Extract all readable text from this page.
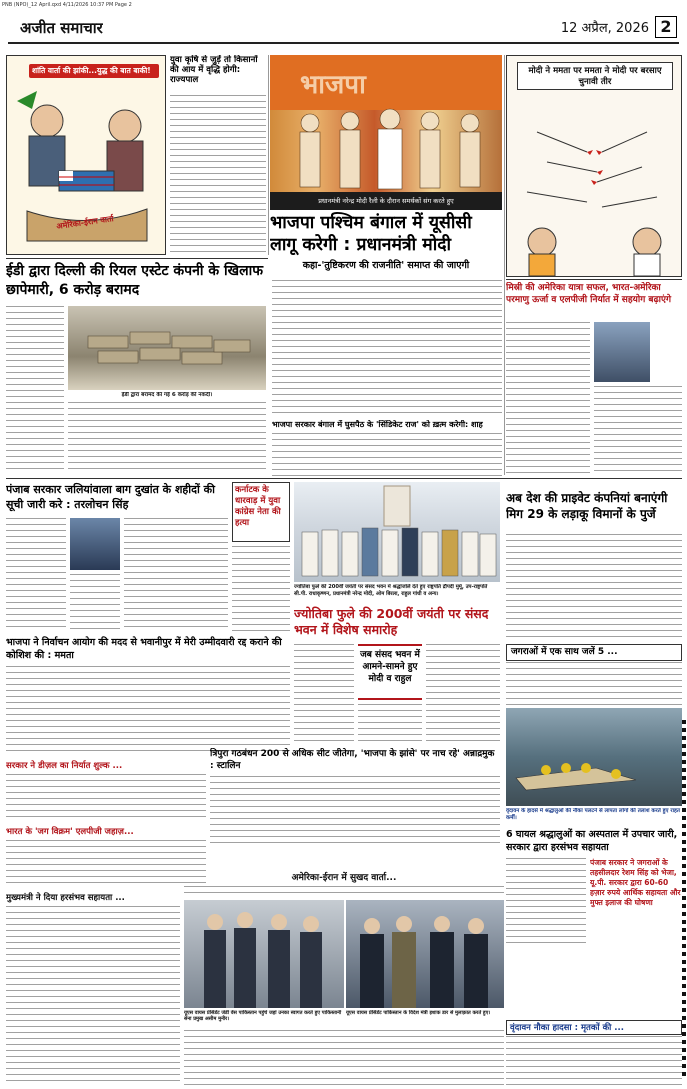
PNB (NPO)_12 April.qxd 4/11/2026 10:37 PM Page 2
अजीत समाचार	12 अप्रैल, 2026 2
शांति वार्ता की झांकी...युद्ध की बात बाकी!
अमेरिका-ईरान वार्ता
युवा कृषि से जुड़ें तो किसानों की आय में वृद्धि होगी: राज्यपाल	भाजपा
प्रधानमंत्री नरेन्द्र मोदी रैली के दौरान समर्थकों संग करते हुए
भाजपा पश्चिम बंगाल में यूसीसी लागू करेगी : प्रधानमंत्री मोदी
कहा-'तुष्टिकरण की राजनीति' समाप्त की जाएगी
मोदी ने ममता पर ममता ने मोदी पर बरसाए चुनावी तीर
ईडी द्वारा दिल्ली की रियल एस्टेट कंपनी के खिलाफ छापेमारी, 6 करोड़ बरामद
ईडी द्वारा बरामद की गई 6 करोड़ की नकदी।
भाजपा सरकार बंगाल में घुसपैठ के 'सिंडिकेट राज' को ख़त्म करेगी: शाह
मिस्री की अमेरिका यात्रा सफल, भारत-अमेरिका परमाणु ऊर्जा व एलपीजी निर्यात में सहयोग बढ़ाएंगे
पंजाब सरकार जलियांवाला बाग दुखांत के शहीदों की सूची जारी करे : तरलोचन सिंह
कर्नाटक के धारवाड़ में युवा कांग्रेस नेता की हत्या
ज्योतिबा फुले की 200वीं जयंती पर संसद भवन में श्रद्धांजलि देते हुए राष्ट्रपति द्रौपदी मुर्मू, उप-राष्ट्रपति सी.पी. राधाकृष्णन, प्रधानमंत्री नरेन्द्र मोदी, ओम बिरला, राहुल गांधी व अन्य।
ज्योतिबा फुले की 200वीं जयंती पर संसद भवन में विशेष समारोह
जब संसद भवन में आमने-सामने हुए मोदी व राहुल
अब देश की प्राइवेट कंपनियां बनाएंगी मिग 29 के लड़ाकू विमानों के पुर्जे
भाजपा ने निर्वाचन आयोग की मदद से भवानीपुर में मेरी उम्मीदवारी रद्द कराने की कोशिश की : ममता	जगराओं में एक साथ जलें 5 ...
वृंदावन के हादसे में श्रद्धालुओं की नौका पलटने से लापता लोगों की तलाश करते हुए राहत कर्मी।
6 घायल श्रद्धालुओं का अस्पताल में उपचार जारी, सरकार द्वारा हरसंभव सहायता
पंजाब सरकार ने जगराओं के तहसीलदार रेशम सिंह को भेजा, यू.पी. सरकार द्वारा 60-60 हज़ार रुपये आर्थिक सहायता और मुफ्त इलाज की घोषणा
त्रिपुरा गठबंधन 200 से अधिक सीट जीतेगा, 'भाजपा के झांसे' पर नाच रहे' अन्नाद्रमुक : स्टालिन
सरकार ने डीज़ल का निर्यात शुल्क ...
भारत के 'जग विक्रम' एलपीजी जहाज़...
अमेरिका-ईरान में सुखद वार्ता...
यूएस वायस प्रेसिडेंट जेडी वेंस पाकिस्तान पहुंचे जहां उनका स्वागत करते हुए पाकिस्तानी सेना प्रमुख असीम मुनीर।
यूएस वायस प्रेसिडेंट पाकिस्तान के विदेश मंत्री इशाक डार से मुलाक़ात करते हुए।
मुख्यमंत्री ने दिया हरसंभव सहायता ...
वृंदावन नौका हादसा : मृतकों की ...
